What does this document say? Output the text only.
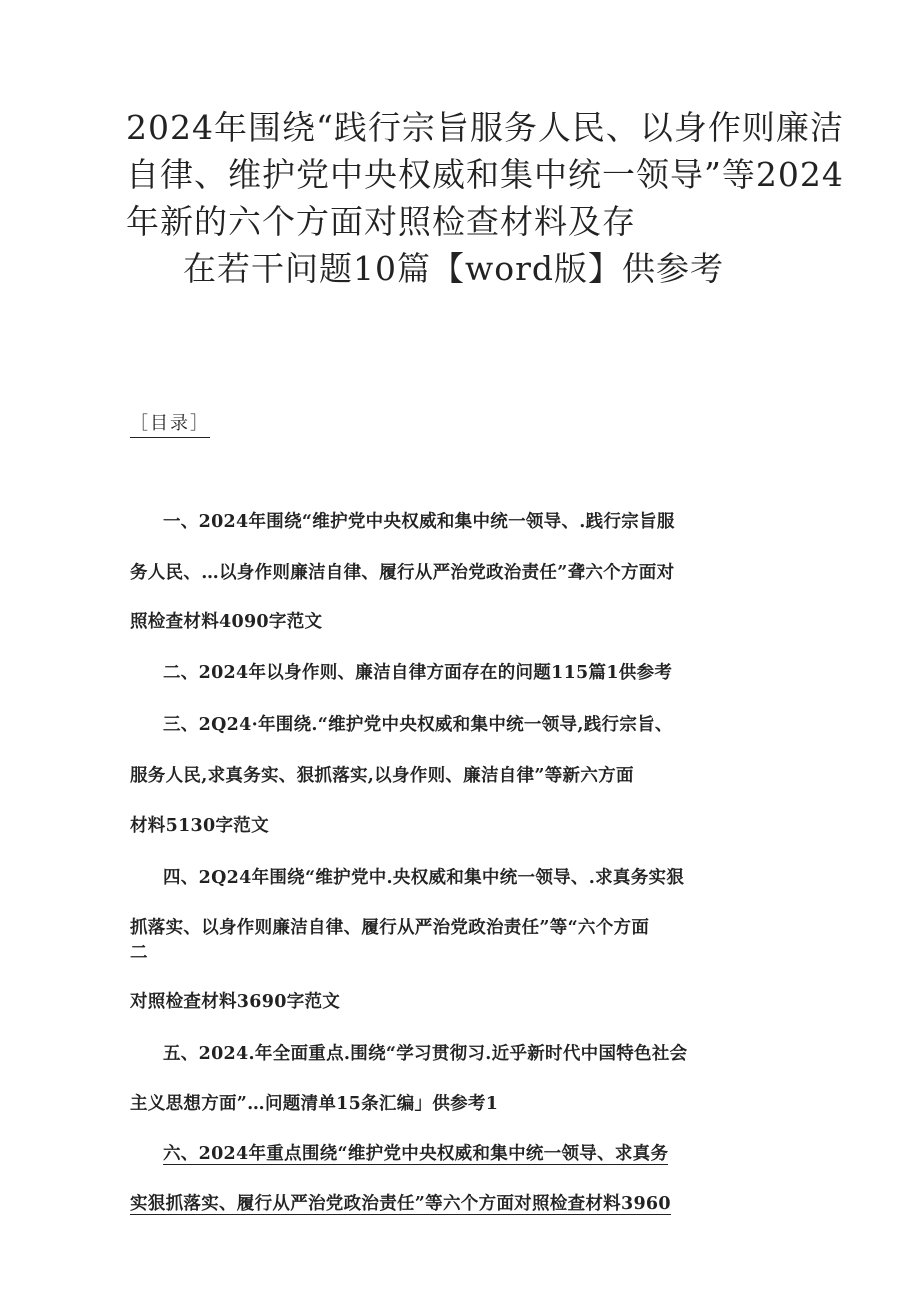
2024年围绕“践行宗旨服务人民、以身作则廉洁
自律、维护党中央权威和集中统一领导”等2024
年新的六个方面对照检查材料及存
在若干问题10篇【word版】供参考
［目录］
一、2024年围绕“维护党中央权威和集中统一领导、.践行宗旨服
务人民、…以身作则廉洁自律、履行从严治党政治责任”聋六个方面对
照检查材料4090字范文
二、2024年以身作则、廉洁自律方面存在的问题115篇1供参考
三、2Q24·年围绕.“维护党中央权威和集中统一领导,践行宗旨、
服务人民,求真务实、狠抓落实,以身作则、廉洁自律”等新六方面
材料5130字范文
四、2Q24年围绕“维护党中.央权威和集中统一领导、.求真务实狠
抓落实、以身作则廉洁自律、履行从严治党政治责任”等“六个方面
二
对照检查材料3690字范文
五、2024.年全面重点.围绕“学习贯彻习.近乎新时代中国特色社会
主义思想方面”…问题清单15条汇编」供参考1
六、2024年重点围绕“维护党中央权威和集中统一领导、求真务
实狠抓落实、履行从严治党政治责任”等六个方面对照检查材料3960
